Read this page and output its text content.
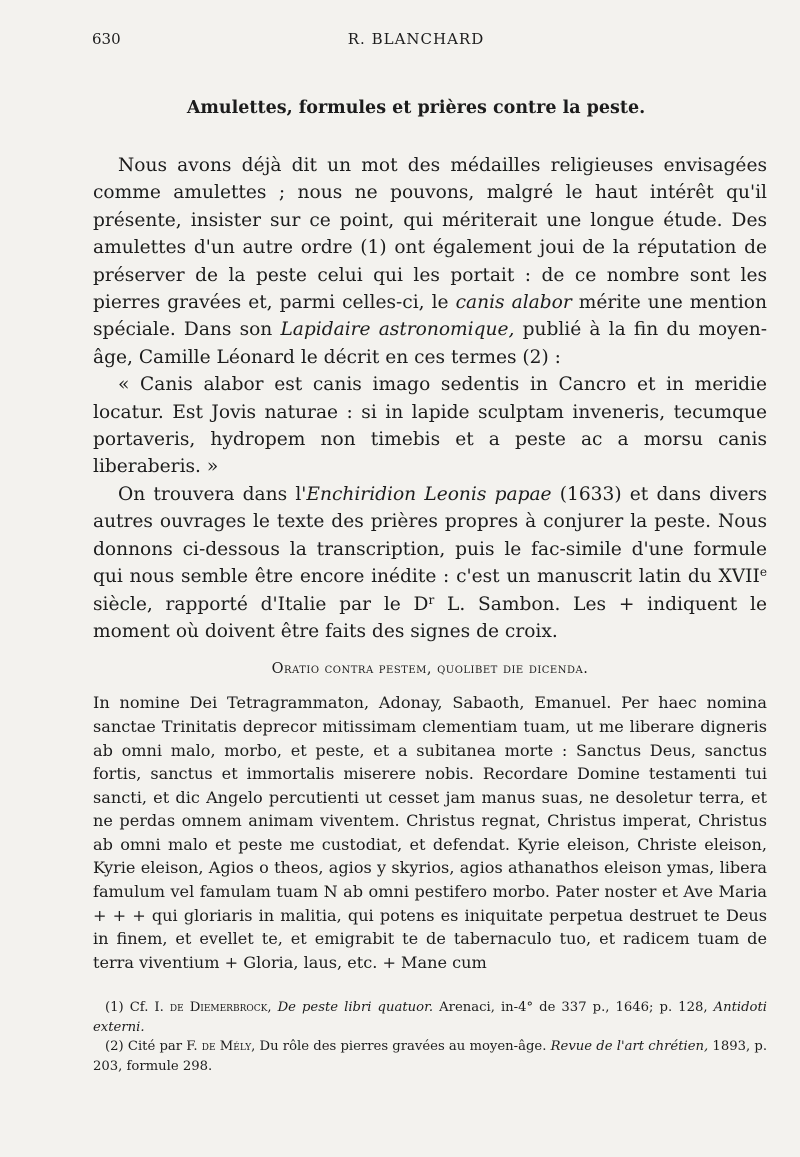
630	R. BLANCHARD
Amulettes, formules et prières contre la peste.

Nous avons déjà dit un mot des médailles religieuses envisagées comme amulettes ; nous ne pouvons, malgré le haut intérêt qu'il présente, insister sur ce point, qui mériterait une longue étude. Des amulettes d'un autre ordre (1) ont également joui de la réputation de préserver de la peste celui qui les portait : de ce nombre sont les pierres gravées et, parmi celles-ci, le canis alabor mérite une mention spéciale. Dans son Lapidaire astronomique, publié à la fin du moyen-âge, Camille Léonard le décrit en ces termes (2) :

« Canis alabor est canis imago sedentis in Cancro et in meridie locatur. Est Jovis naturae : si in lapide sculptam inveneris, tecumque portaveris, hydropem non timebis et a peste ac a morsu canis liberaberis. »

On trouvera dans l'Enchiridion Leonis papae (1633) et dans divers autres ouvrages le texte des prières propres à conjurer la peste. Nous donnons ci-dessous la transcription, puis le fac-simile d'une formule qui nous semble être encore inédite : c'est un manuscrit latin du XVIIe siècle, rapporté d'Italie par le $D^r$ L. Sambon. Les + indiquent le moment où doivent être faits des signes de croix.

Oratio contra pestem, quolibet die dicenda.

In nomine Dei Tetragrammaton, Adonay, Sabaoth, Emanuel. Per haec nomina sanctae Trinitatis deprecor mitissimam clementiam tuam, ut me liberare digneris ab omni malo, morbo, et peste, et a subitanea morte : Sanctus Deus, sanctus fortis, sanctus et immortalis miserere nobis. Recordare Domine testamenti tui sancti, et dic Angelo percutienti ut cesset jam manus suas, ne desoletur terra, et ne perdas omnem animam viventem. Christus regnat, Christus imperat, Christus ab omni malo et peste me custodiat, et defendat. Kyrie eleison, Christe eleison, Kyrie eleison, Agios o theos, agios y skyrios, agios athanathos eleison ymas, libera famulum vel famulam tuam N ab omni pestifero morbo. Pater noster et Ave Maria + + + qui gloriaris in malitia, qui potens es iniquitate perpetua destruet te Deus in finem, et evellet te, et emigrabit te de tabernaculo tuo, et radicem tuam de terra viventium + Gloria, laus, etc. + Mane cum

(1) Cf. I. de Diemerbrock, De peste libri quatuor. Arenaci, in-4° de 337 p., 1646; p. 128, Antidoti externi.

(2) Cité par F. de Mély, Du rôle des pierres gravées au moyen-âge. Revue de l'art chrétien, 1893, p. 203, formule 298.
